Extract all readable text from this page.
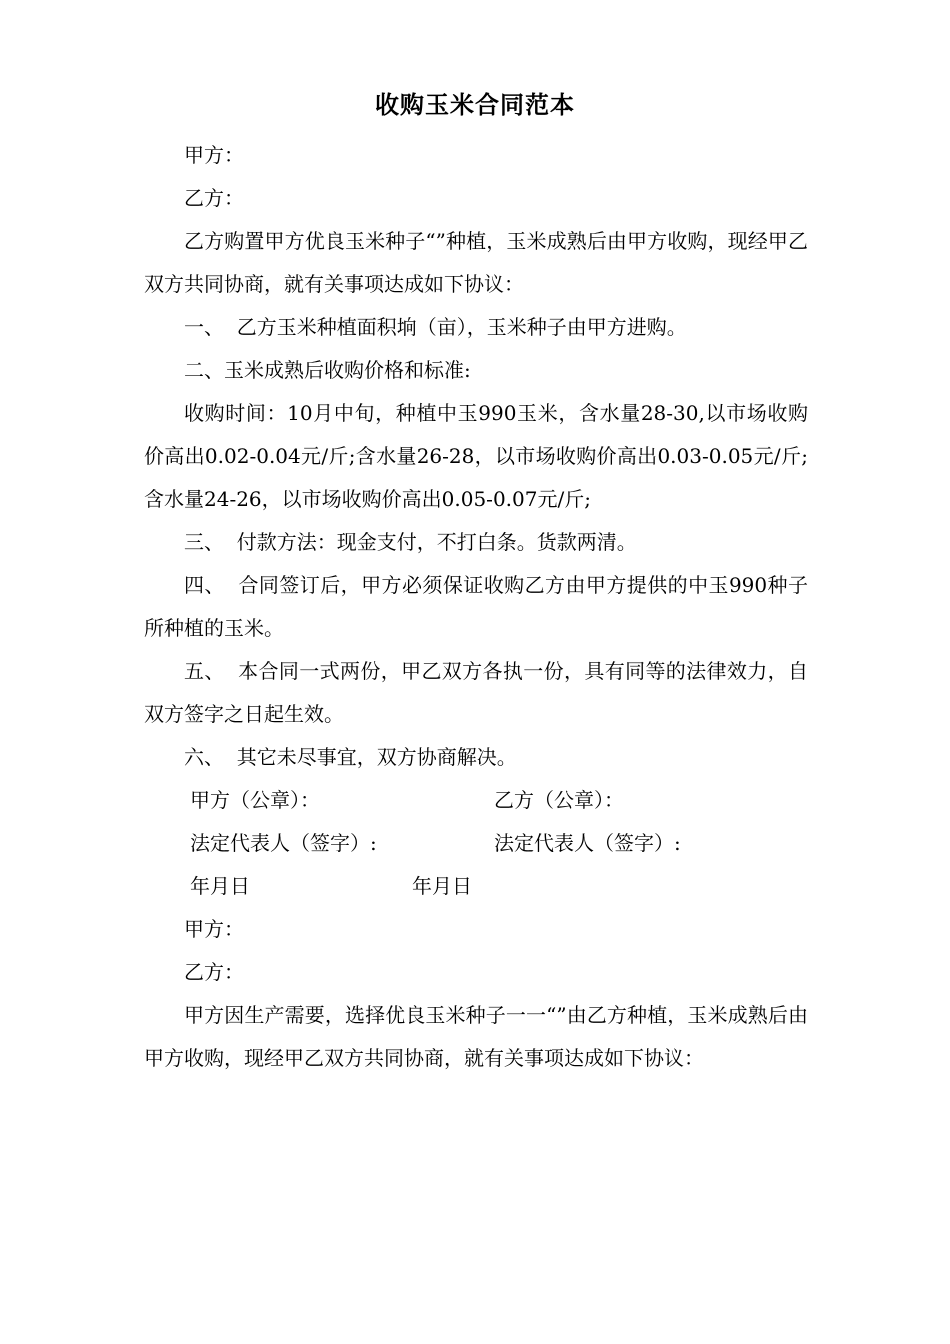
收购玉米合同范本

甲方：

乙方：

乙方购置甲方优良玉米种子“”种植，玉米成熟后由甲方收购，现经甲乙双方共同协商，就有关事项达成如下协议：

一、  乙方玉米种植面积垧（亩），玉米种子由甲方进购。

二、玉米成熟后收购价格和标准:

收购时间：10月中旬，种植中玉990玉米，含水量28-30,以市场收购价高出0.02-0.04元/斤;含水量26-28，以市场收购价高出0.03-0.05元/斤;含水量24-26，以市场收购价高出0.05-0.07元/斤;

三、  付款方法：现金支付，不打白条。货款两清。

四、  合同签订后，甲方必须保证收购乙方由甲方提供的中玉990种子所种植的玉米。

五、  本合同一式两份，甲乙双方各执一份，具有同等的法律效力，自双方签字之日起生效。

六、  其它未尽事宜，双方协商解决。

甲方（公章）：	乙方（公章）：
法定代表人（签字）:	法定代表人（签字）:
年月日	年月日

甲方：

乙方：

甲方因生产需要，选择优良玉米种子一一“”由乙方种植，玉米成熟后由甲方收购，现经甲乙双方共同协商，就有关事项达成如下协议：
